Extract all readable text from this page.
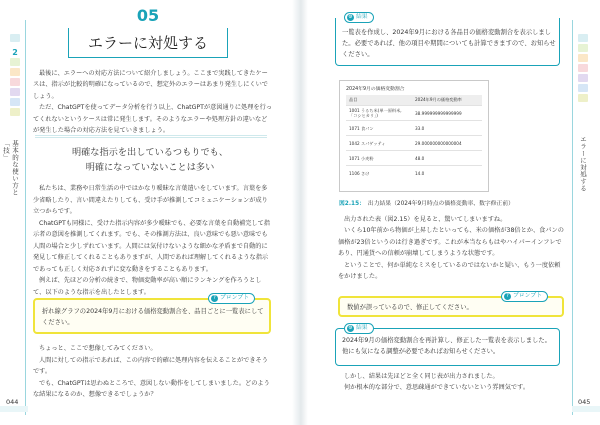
2
基本的な使い方と「技」
05
エラーに対処する

最後に、エラーへの対応方法について紹介しましょう。ここまで実践してきたケースは、指示が比較的明確になっているので、想定外のエラーはあまり発生しにくいでしょう。

ただ、ChatGPTを使ってデータ分析を行う以上、ChatGPTが意図通りに処理を行ってくれないというケースは常に発生します。そのようなエラーや処理方針の違いなどが発生した場合の対応方法を見ていきましょう。

明確な指示を出しているつもりでも、
明確になっていないことは多い

私たちは、業務や日常生活の中ではかなり曖昧な言葉遣いをしています。言葉を多少省略したり、言い間違えたりしても、受け手が推測してコミュニケーションが成り立つからです。

ChatGPTも同様に、受けた指示内容が多少曖昧でも、必要な言葉を自動補完して指示者の意図を推測してくれます。でも、その推測方法は、良い意味でも悪い意味でも人間の場合と少しずれています。人間には気付けないような細かな矛盾まで自動的に発見して修正してくれることもありますが、人間であれば理解してくれるような指示であっても正しく対応されずに変な動きをすることもあります。

例えば、先ほどの分析の続きで、物価変動率が高い順にランキングを作ろうとして、以下のような指示を出したとします。

? プロンプト
折れ線グラフの2024年9月における価格変動割合を、品目ごとに一覧表にしてください。

ちょっと、ここで想像してみてください。

人間に対しての指示であれば、この内容で的確に処理内容を伝えることができそうです。

でも、ChatGPTは思わぬところで、意図しない動作をしてしまいました。どのような結果になるのか、想像できるでしょうか？

044
エラーに対処する
⚙ 結果
一覧表を作成し、2024年9月における各品目の価格変動割合を表示しました。必要であれば、他の項目や期間についても計算できますので、お知らせください。
2024年9月の価格変動割合
品目	2024年9月の価格変動率
1001 うるち米(単一原料米,「コシヒカリ」)	38.999999999999999
1071 食パン	33.0
1042 スパゲッティ	29.000000000000004
1071 小麦粉	48.0
1106 さけ	14.0
図2.15： 出力結果（2024年9月時点の価格変動率、数字修正前）

出力された表（図2.15）を見ると、驚いてしまいますね。

いくら10年前から物価が上昇したといっても、米の価格が38倍とか、食パンの価格が23倍というのは行き過ぎです。これが本当ならもはやハイパーインフレであり、円通貨への信頼が崩壊してしまうような状態です。

ということで、何か単純なミスをしているのではないかと疑い、もう一度依頼をかけました。

? プロンプト
数値が誤っているので、修正してください。
⚙ 結果
2024年9月の価格変動割合を再計算し、修正した一覧表を表示しました。他にも気になる調整が必要であればお知らせください。

しかし、結果は先ほどと全く同じ表が出力されました。

何か根本的な部分で、意思疎通ができていないという雰囲気です。

045
